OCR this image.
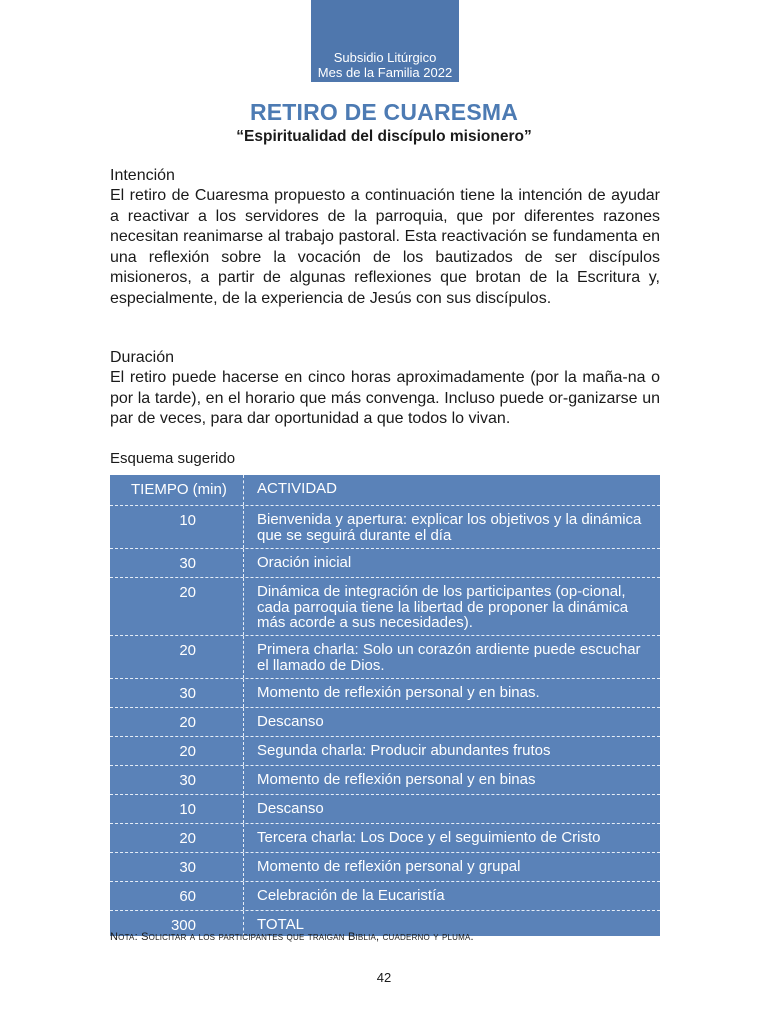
Subsidio Litúrgico
Mes de la Familia 2022
RETIRO DE CUARESMA
“Espiritualidad del discípulo misionero”
Intención

El retiro de Cuaresma propuesto a continuación tiene la intención de ayudar a reactivar a los servidores de la parroquia, que por diferentes razones necesitan reanimarse al trabajo pastoral. Esta reactivación se fundamenta en una reflexión sobre la vocación de los bautizados de ser discípulos misioneros, a partir de algunas reflexiones que brotan de la Escritura y, especialmente, de la experiencia de Jesús con sus discípulos.

Duración

El retiro puede hacerse en cinco horas aproximadamente (por la maña-na o por la tarde), en el horario que más convenga. Incluso puede or-ganizarse un par de veces, para dar oportunidad a que todos lo vivan.

Esquema sugerido
TIEMPO (min)	ACTIVIDAD
10	Bienvenida y apertura: explicar los objetivos y la dinámica que se seguirá durante el día
30	Oración inicial
20	Dinámica de integración de los participantes (op-cional, cada parroquia tiene la libertad de proponer la dinámica más acorde a sus necesidades).
20	Primera charla: Solo un corazón ardiente puede escuchar el llamado de Dios.
30	Momento de reflexión personal y en binas.
20	Descanso
20	Segunda charla: Producir abundantes frutos
30	Momento de reflexión personal y en binas
10	Descanso
20	Tercera charla: Los Doce y el seguimiento de Cristo
30	Momento de reflexión personal y grupal
60	Celebración de la Eucaristía
300	TOTAL
Nota: Solicitar a los participantes que traigan Biblia, cuaderno y pluma.
42
